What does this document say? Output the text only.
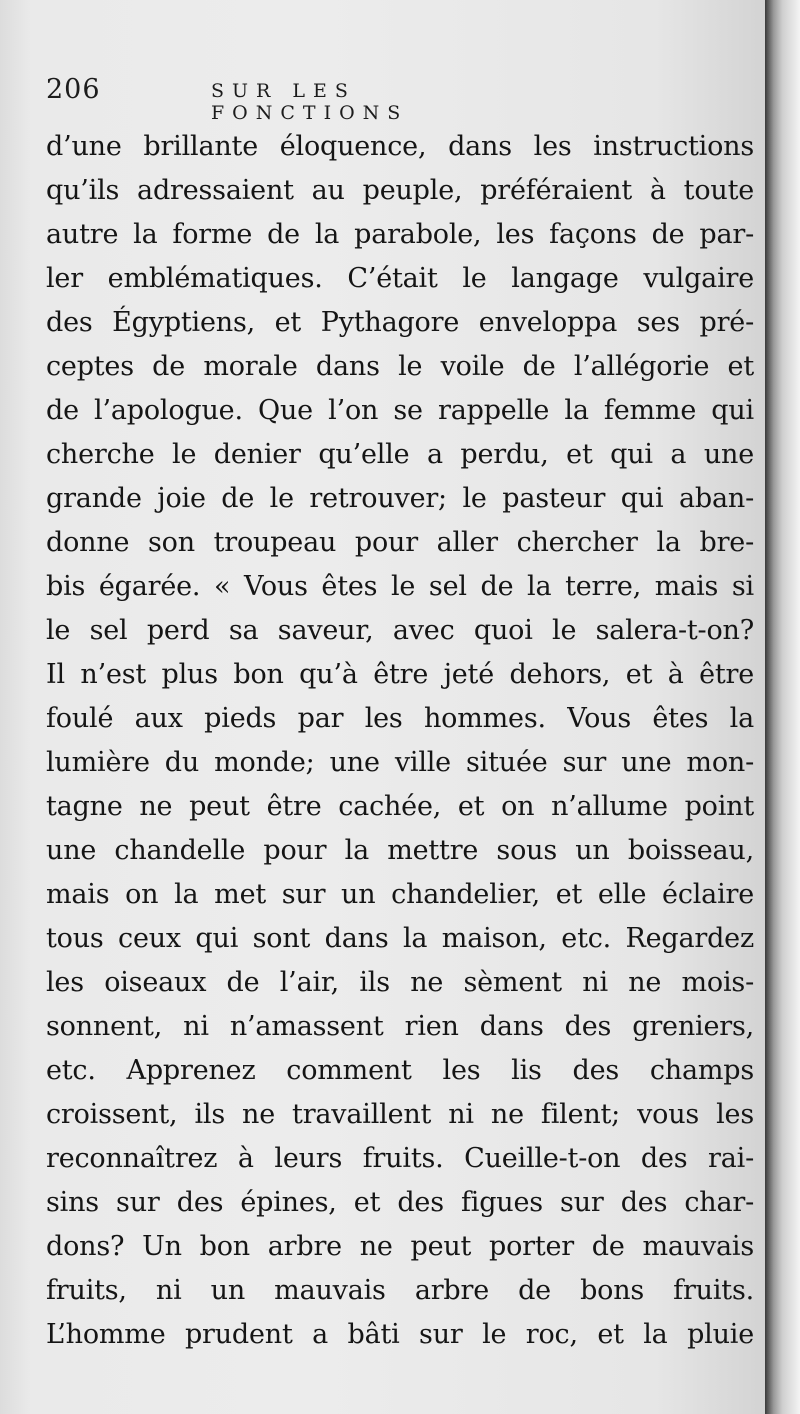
206	SUR LES FONCTIONS
d’une brillante éloquence, dans les instructions
qu’ils adressaient au peuple, préféraient à toute
autre la forme de la parabole, les façons de par-
ler emblématiques. C’était le langage vulgaire
des Égyptiens, et Pythagore enveloppa ses pré-
ceptes de morale dans le voile de l’allégorie et
de l’apologue. Que l’on se rappelle la femme qui
cherche le denier qu’elle a perdu, et qui a une
grande joie de le retrouver; le pasteur qui aban-
donne son troupeau pour aller chercher la bre-
bis égarée. « Vous êtes le sel de la terre, mais si
le sel perd sa saveur, avec quoi le salera-t-on?
Il n’est plus bon qu’à être jeté dehors, et à être
foulé aux pieds par les hommes. Vous êtes la
lumière du monde; une ville située sur une mon-
tagne ne peut être cachée, et on n’allume point
une chandelle pour la mettre sous un boisseau,
mais on la met sur un chandelier, et elle éclaire
tous ceux qui sont dans la maison, etc. Regardez
les oiseaux de l’air, ils ne sèment ni ne mois-
sonnent, ni n’amassent rien dans des greniers,
etc. Apprenez comment les lis des champs
croissent, ils ne travaillent ni ne filent; vous les
reconnaîtrez à leurs fruits. Cueille-t-on des rai-
sins sur des épines, et des figues sur des char-
dons? Un bon arbre ne peut porter de mauvais
fruits, ni un mauvais arbre de bons fruits.
L’homme prudent a bâti sur le roc, et la pluie
